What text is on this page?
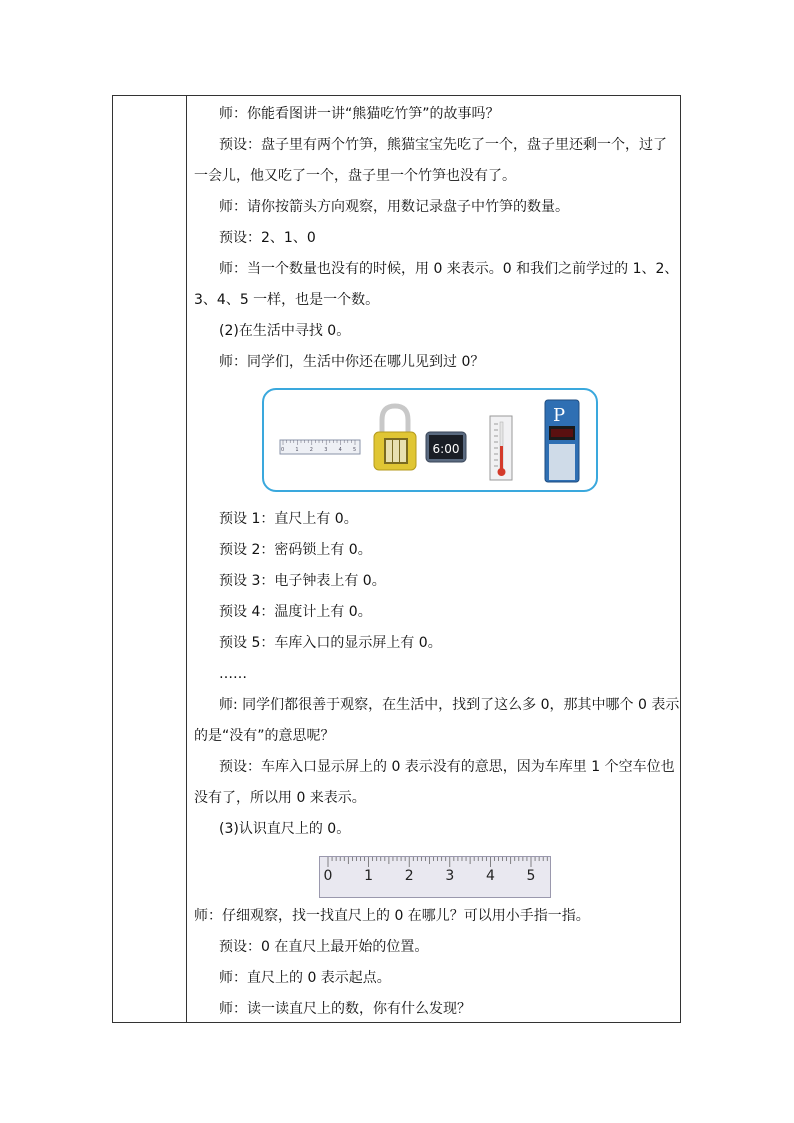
师：你能看图讲一讲“熊猫吃竹笋”的故事吗？

预设：盘子里有两个竹笋，熊猫宝宝先吃了一个，盘子里还剩一个，过了

一会儿，他又吃了一个，盘子里一个竹笋也没有了。

师：请你按箭头方向观察，用数记录盘子中竹笋的数量。

预设：2、1、0

师：当一个数量也没有的时候，用 0 来表示。0 和我们之前学过的 1、2、

3、4、5 一样，也是一个数。

(2)在生活中寻找 0。

师：同学们，生活中你还在哪儿见到过 0？

预设 1：直尺上有 0。

预设 2：密码锁上有 0。

预设 3：电子钟表上有 0。

预设 4：温度计上有 0。

预设 5：车库入口的显示屏上有 0。

……

师: 同学们都很善于观察，在生活中，找到了这么多 0，那其中哪个 0 表示

的是“没有”的意思呢？

预设：车库入口显示屏上的 0 表示没有的意思，因为车库里 1 个空车位也

没有了，所以用 0 来表示。

(3)认识直尺上的 0。

师：仔细观察，找一找直尺上的 0 在哪儿？可以用小手指一指。

预设：0 在直尺上最开始的位置。

师：直尺上的 0 表示起点。

师：读一读直尺上的数，你有什么发现？

0 1 2 3 4 5	6:00
P
0 1 2 3 4 5
